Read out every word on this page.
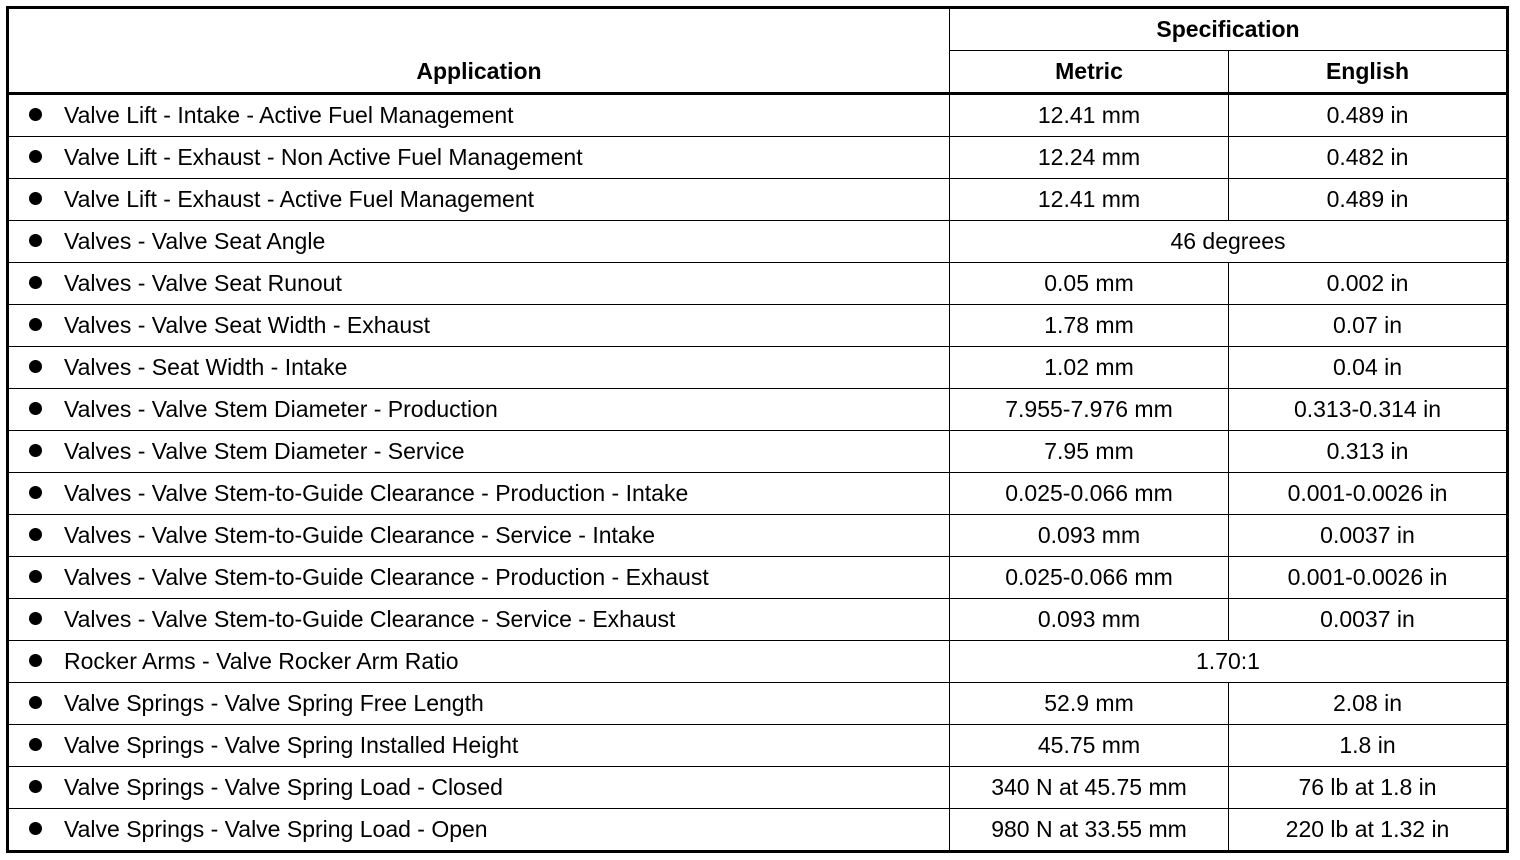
Application	Specification	
	Metric	English
Valve Lift - Intake - Active Fuel Management	12.41 mm	0.489 in
Valve Lift - Exhaust - Non Active Fuel Management	12.24 mm	0.482 in
Valve Lift - Exhaust - Active Fuel Management	12.41 mm	0.489 in
Valves - Valve Seat Angle	46 degrees	
Valves - Valve Seat Runout	0.05 mm	0.002 in
Valves - Valve Seat Width - Exhaust	1.78 mm	0.07 in
Valves - Seat Width - Intake	1.02 mm	0.04 in
Valves - Valve Stem Diameter - Production	7.955-7.976 mm	0.313-0.314 in
Valves - Valve Stem Diameter - Service	7.95 mm	0.313 in
Valves - Valve Stem-to-Guide Clearance - Production - Intake	0.025-0.066 mm	0.001-0.0026 in
Valves - Valve Stem-to-Guide Clearance - Service - Intake	0.093 mm	0.0037 in
Valves - Valve Stem-to-Guide Clearance - Production - Exhaust	0.025-0.066 mm	0.001-0.0026 in
Valves - Valve Stem-to-Guide Clearance - Service - Exhaust	0.093 mm	0.0037 in
Rocker Arms - Valve Rocker Arm Ratio	1.70:1	
Valve Springs - Valve Spring Free Length	52.9 mm	2.08 in
Valve Springs - Valve Spring Installed Height	45.75 mm	1.8 in
Valve Springs - Valve Spring Load - Closed	340 N at 45.75 mm	76 lb at 1.8 in
Valve Springs - Valve Spring Load - Open	980 N at 33.55 mm	220 lb at 1.32 in
